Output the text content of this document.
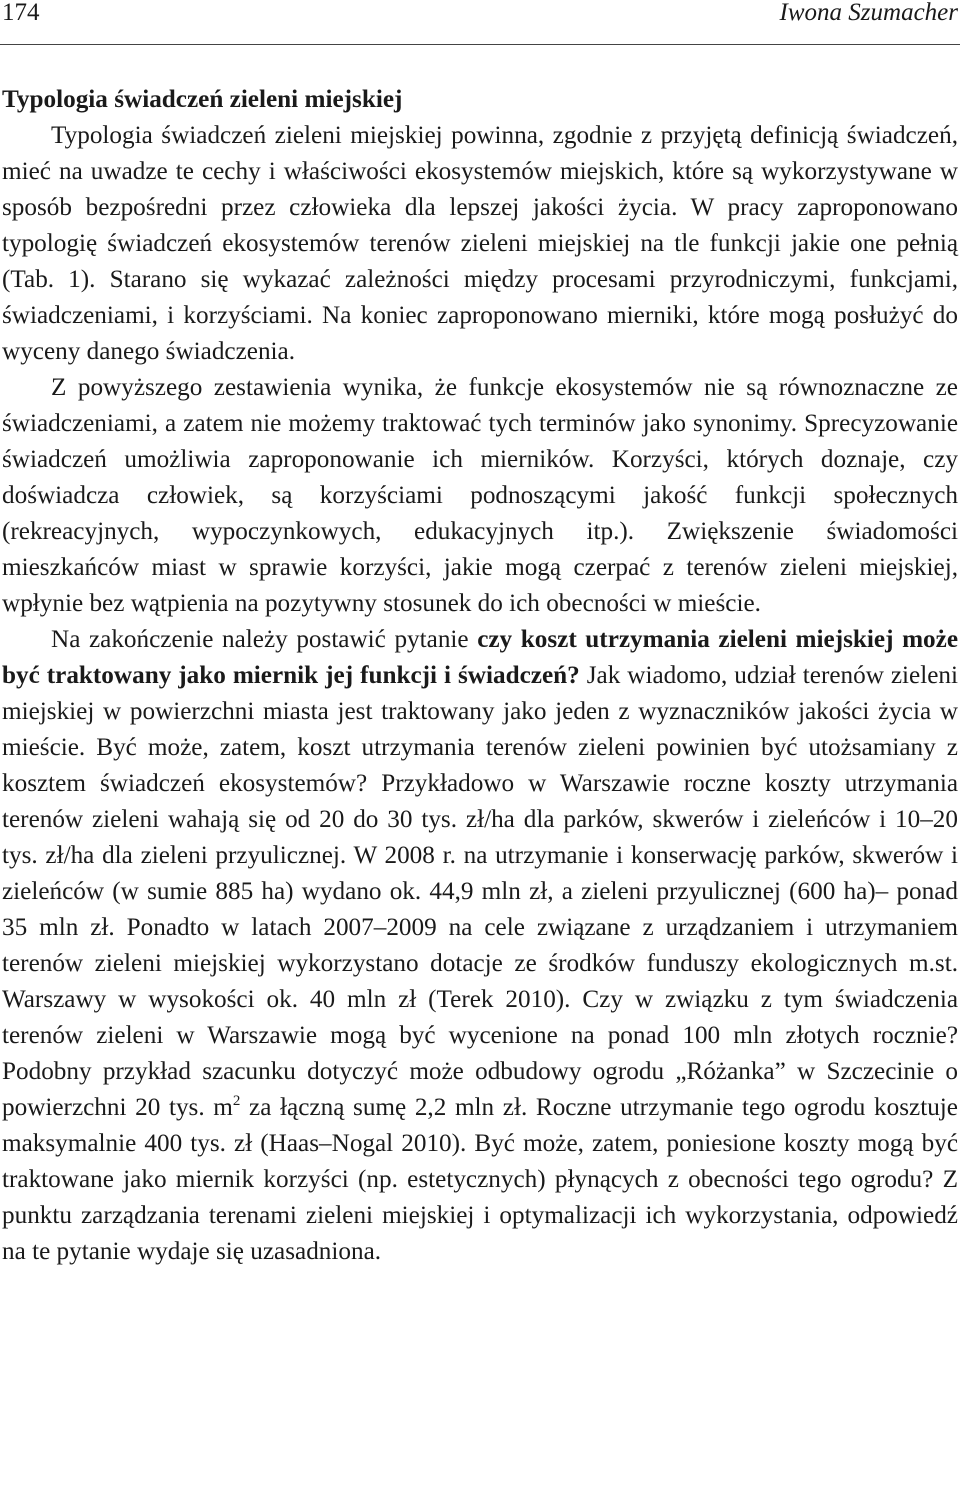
174	Iwona Szumacher

Typologia świadczeń zieleni miejskiej

Typologia świadczeń zieleni miejskiej powinna, zgodnie z przyjętą definicją świadczeń, mieć na uwadze te cechy i właściwości ekosystemów miejskich, które są wykorzystywane w sposób bezpośredni przez człowieka dla lepszej jakości życia. W pracy zaproponowano typologię świadczeń ekosystemów terenów zieleni miejskiej na tle funkcji jakie one pełnią (Tab. 1). Starano się wykazać zależności między procesami przyrodniczymi, funkcjami, świadczeniami, i korzyściami. Na koniec zaproponowano mierniki, które mogą posłużyć do wyceny danego świadczenia.

Z powyższego zestawienia wynika, że funkcje ekosystemów nie są równoznaczne ze świadczeniami, a zatem nie możemy traktować tych terminów jako synonimy. Sprecyzowanie świadczeń umożliwia zaproponowanie ich mierników. Korzyści, których doznaje, czy doświadcza człowiek, są korzyściami podnoszącymi jakość funkcji społecznych (rekreacyjnych, wypoczynkowych, edukacyjnych itp.). Zwiększenie świadomości mieszkańców miast w sprawie korzyści, jakie mogą czerpać z terenów zieleni miejskiej, wpłynie bez wątpienia na pozytywny stosunek do ich obecności w mieście.

Na zakończenie należy postawić pytanie czy koszt utrzymania zieleni miejskiej może być traktowany jako miernik jej funkcji i świadczeń? Jak wiadomo, udział terenów zieleni miejskiej w powierzchni miasta jest traktowany jako jeden z wyznaczników jakości życia w mieście. Być może, zatem, koszt utrzymania terenów zieleni powinien być utożsamiany z kosztem świadczeń ekosystemów? Przykładowo w Warszawie roczne koszty utrzymania terenów zieleni wahają się od 20 do 30 tys. zł/ha dla parków, skwerów i zieleńców i 10–20 tys. zł/ha dla zieleni przyulicznej. W 2008 r. na utrzymanie i konserwację parków, skwerów i zieleńców (w sumie 885 ha) wydano ok. 44,9 mln zł, a zieleni przyulicznej (600 ha)– ponad 35 mln zł. Ponadto w latach 2007–2009 na cele związane z urządzaniem i utrzymaniem terenów zieleni miejskiej wykorzystano dotacje ze środków funduszy ekologicznych m.st. Warszawy w wysokości ok. 40 mln zł (Terek 2010). Czy w związku z tym świadczenia terenów zieleni w Warszawie mogą być wycenione na ponad 100 mln złotych rocznie? Podobny przykład szacunku dotyczyć może odbudowy ogrodu „Różanka” w Szczecinie o powierzchni 20 tys. $m^2$ za łączną sumę 2,2 mln zł. Roczne utrzymanie tego ogrodu kosztuje maksymalnie 400 tys. zł (Haas–Nogal 2010). Być może, zatem, poniesione koszty mogą być traktowane jako miernik korzyści (np. estetycznych) płynących z obecności tego ogrodu? Z punktu zarządzania terenami zieleni miejskiej i optymalizacji ich wykorzystania, odpowiedź na te pytanie wydaje się uzasadniona.
